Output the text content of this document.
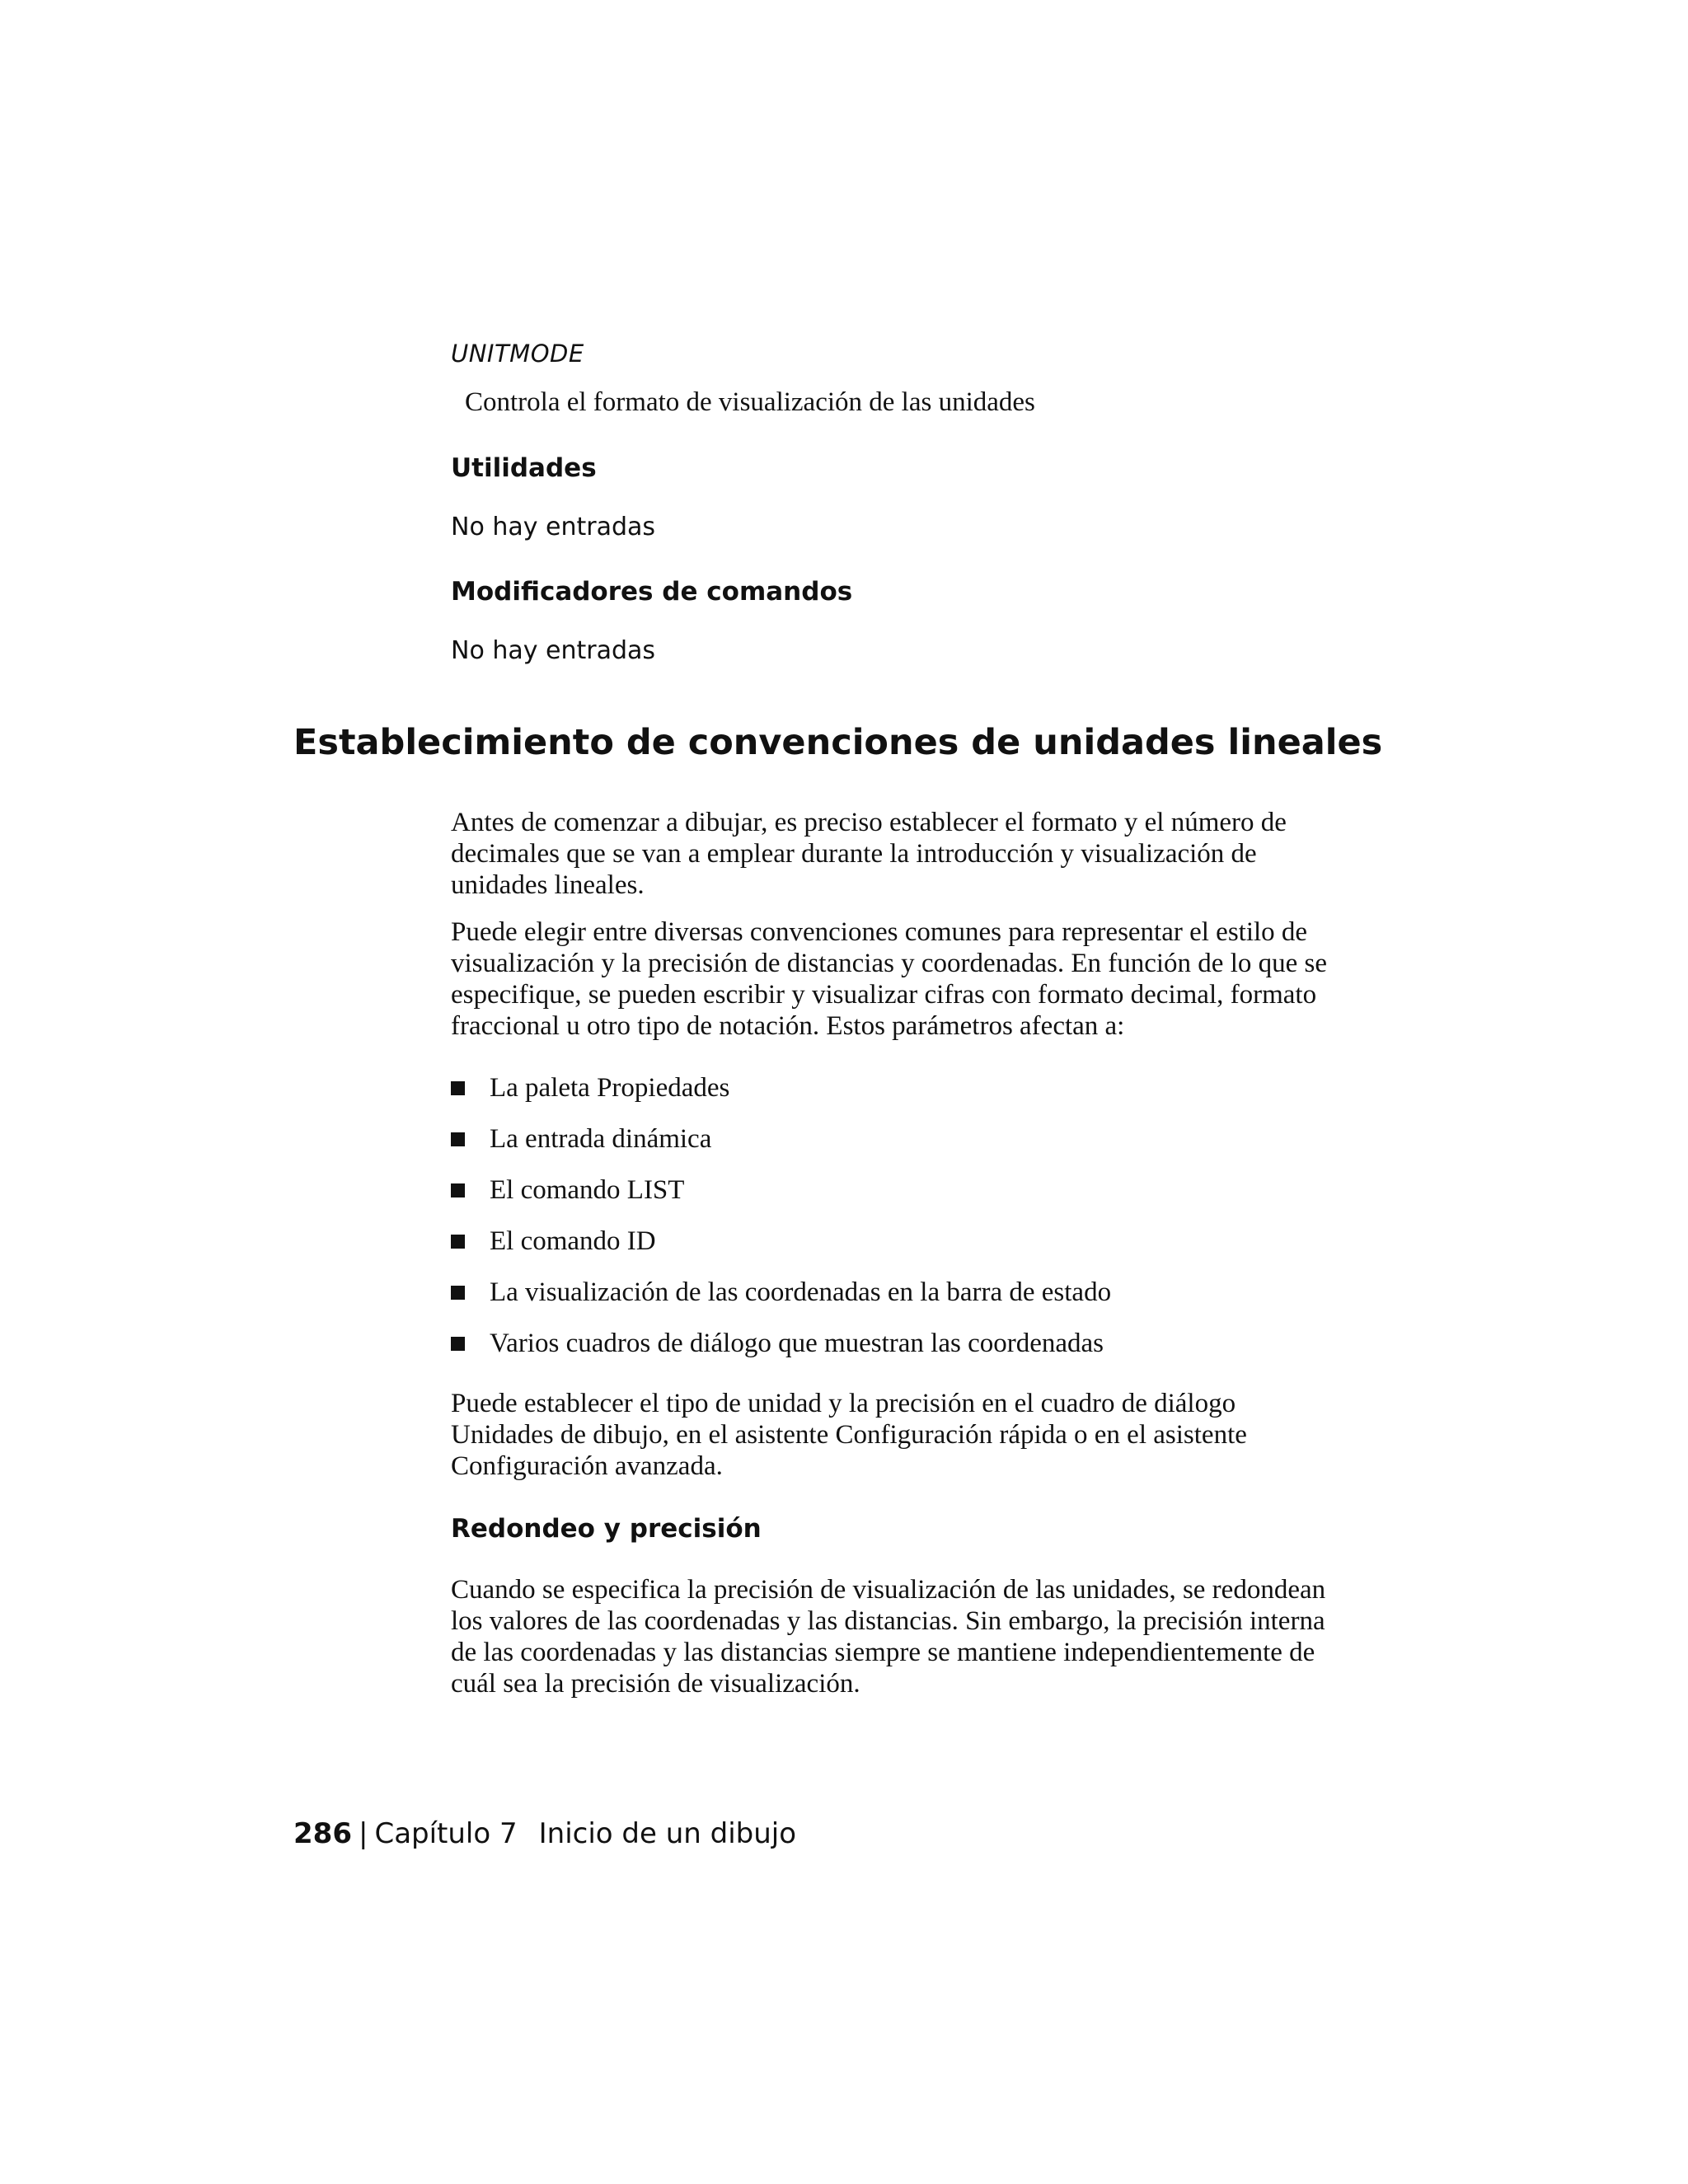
UNITMODE

Controla el formato de visualización de las unidades

Utilidades

No hay entradas

Modificadores de comandos

No hay entradas

Establecimiento de convenciones de unidades lineales

Antes de comenzar a dibujar, es preciso establecer el formato y el número de decimales que se van a emplear durante la introducción y visualización de unidades lineales.

Puede elegir entre diversas convenciones comunes para representar el estilo de visualización y la precisión de distancias y coordenadas. En función de lo que se especifique, se pueden escribir y visualizar cifras con formato decimal, formato fraccional u otro tipo de notación. Estos parámetros afectan a:

La paleta Propiedades
La entrada dinámica
El comando LIST
El comando ID
La visualización de las coordenadas en la barra de estado
Varios cuadros de diálogo que muestran las coordenadas

Puede establecer el tipo de unidad y la precisión en el cuadro de diálogo Unidades de dibujo, en el asistente Configuración rápida o en el asistente Configuración avanzada.

Redondeo y precisión

Cuando se especifica la precisión de visualización de las unidades, se redondean los valores de las coordenadas y las distancias. Sin embargo, la precisión interna de las coordenadas y las distancias siempre se mantiene independientemente de cuál sea la precisión de visualización.

286 | Capítulo 7 Inicio de un dibujo
